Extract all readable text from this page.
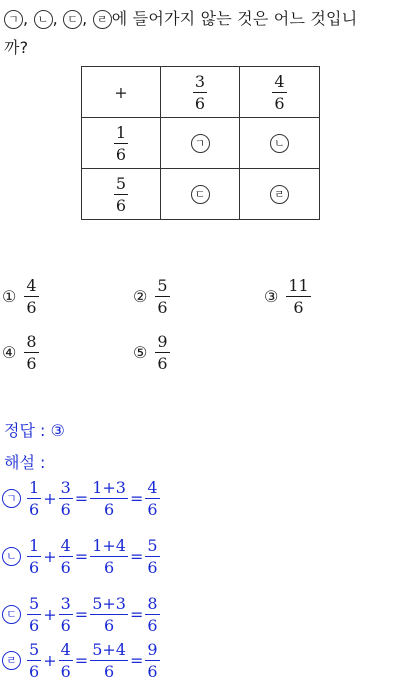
ㄱ , ㄴ , ㄷ , ㄹ 에 들어가지 않는 것은 어느 것입니
까?
+	$\frac{3}{6}$	$\frac{4}{6}$

$\frac{1}{6}$	ㄱ	ㄴ

$\frac{5}{6}$	ㄷ	ㄹ
① $\frac{4}{6}$	② $\frac{5}{6}$	③ $\frac{11}{6}$
④ $\frac{8}{6}$	⑤ $\frac{9}{6}$
정답 : ③
해설 :
ㄱ $\frac{1}{6} + \frac{3}{6} = \frac{1+3}{6} = \frac{4}{6}$
ㄴ $\frac{1}{6} + \frac{4}{6} = \frac{1+4}{6} = \frac{5}{6}$
ㄷ $\frac{5}{6} + \frac{3}{6} = \frac{5+3}{6} = \frac{8}{6}$
ㄹ $\frac{5}{6} + \frac{4}{6} = \frac{5+4}{6} = \frac{9}{6}$
